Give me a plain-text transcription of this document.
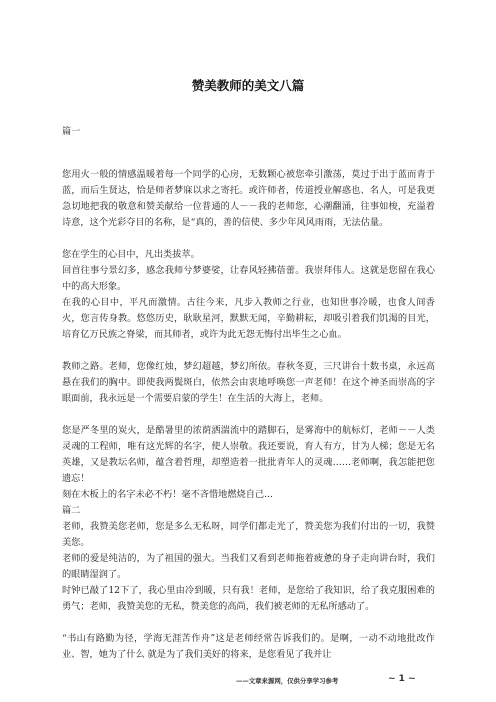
赞美教师的美文八篇
篇一
您用火一般的情感温暖着每一个同学的心房，无数颗心被您牵引激荡，莫过于出于蓝而青于蓝，而后生贤达，恰是师者梦寐以求之寄托。或许师者，传道授业解惑也、名人，可是我更急切地把我的敬意和赞美献给一位普通的人－－我的老师您，心潮翻涌，往事如梭，充溢着诗意，这个光彩夺目的名称，是“真的，善的信使、多少年风风雨雨，无法估量。
您在学生的心目中，凡出类拔萃。
回首往事兮景幻多，感念我师兮梦婆娑，让春风轻拂蓓蕾。我崇拜伟人。这就是您留在我心中的高大形象。
在我的心目中，平凡而激情。古往今来，凡步入教师之行业，也知世事冷暖，也食人间香火，您言传身教。悠悠历史，耿耿星河，默默无闻，辛勤耕耘，却吸引着我们饥渴的目光，培育亿万民族之脊梁，而其师者，或许为此无怨无悔付出毕生之心血。
教师之路。老师，您像红烛，梦幻超越，梦幻所依。春秋冬夏，三尺讲台十数书桌，永远高悬在我们的胸中。即使我两鬓斑白，依然会由衷地呼唤您一声老师！在这个神圣而崇高的字眼面前，我永远是一个需要启蒙的学生！在生活的大海上，老师。
您是严冬里的炭火，是酷暑里的浓荫洒湍流中的踏脚石，是雾海中的航标灯，老师－－人类灵魂的工程师，唯有这光辉的名字，使人崇敬。我还要说，育人有方，甘为人梯；您是无名英雄，又是教坛名师，蕴含着哲理，却塑造着一批批青年人的灵魂……老师啊，我怎能把您遗忘！
刻在木板上的名字未必不朽！毫不吝惜地燃烧自己...
篇二
老师，我赞美您老师，您是多么无私呀，同学们都走光了，赞美您为我们付出的一切，我赞美您。
老师的爱是纯洁的，为了祖国的强大。当我们又看到老师拖着疲惫的身子走向讲台时，我们的眼睛湿润了。
时钟已敲了12下了，我心里由冷到暖，只有我！老师，是您给了我知识，给了我克服困难的勇气；老师，我赞美您的无私，赞美您的高尚，我们被老师的无私所感动了。
“书山有路勤为径，学海无涯苦作舟”这是老师经常告诉我们的。是啊，一动不动地批改作业、智，她为了什么 就是为了我们美好的将来，是您看见了我并让
——文章来源网，仅供分享学习参考	~ 1 ~
